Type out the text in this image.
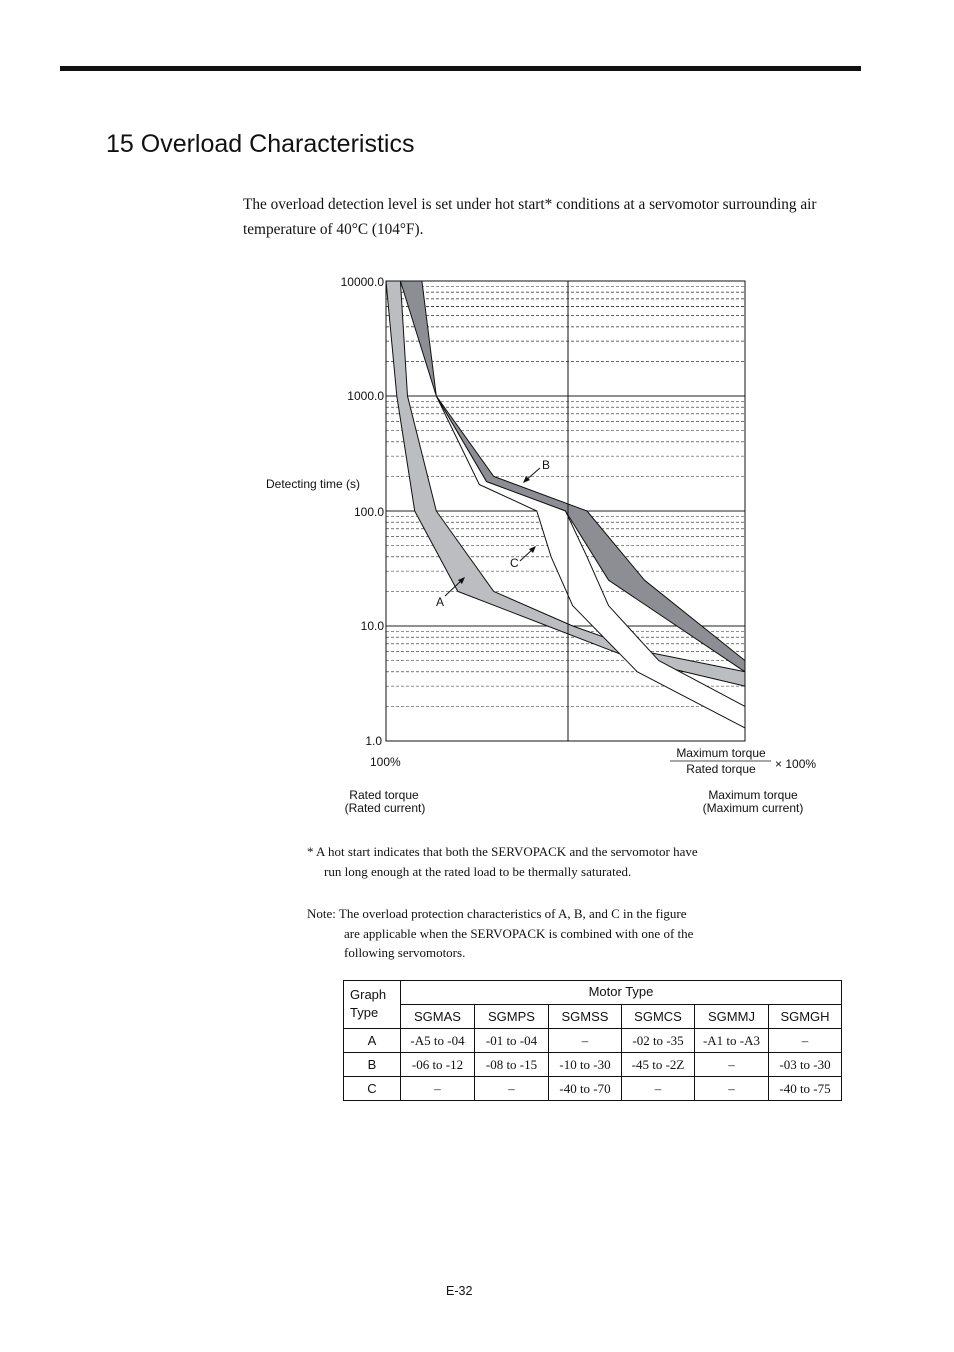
15 Overload Characteristics
The overload detection level is set under hot start* conditions at a servomotor surrounding air temperature of 40°C (104°F).
10000.0
1000.0
100.0
10.0
1.0
Detecting time (s)
100%
Maximum torque
Rated torque × 100%
Rated torque
(Rated current)
Maximum torque
(Maximum current)
B
C
A
* A hot start indicates that both the SERVOPACK and the servomotor have
run long enough at the rated load to be thermally saturated.
Note: The overload protection characteristics of A, B, and C in the figure
are applicable when the SERVOPACK is combined with one of the
following servomotors.
Graph
Type	Motor Type					
	SGMAS	SGMPS	SGMSS	SGMCS	SGMMJ	SGMGH
A	-A5 to -04	-01 to -04	–	-02 to -35	-A1 to -A3	–
B	-06 to -12	-08 to -15	-10 to -30	-45 to -2Z	–	-03 to -30
C	–	–	-40 to -70	–	–	-40 to -75
E-32
